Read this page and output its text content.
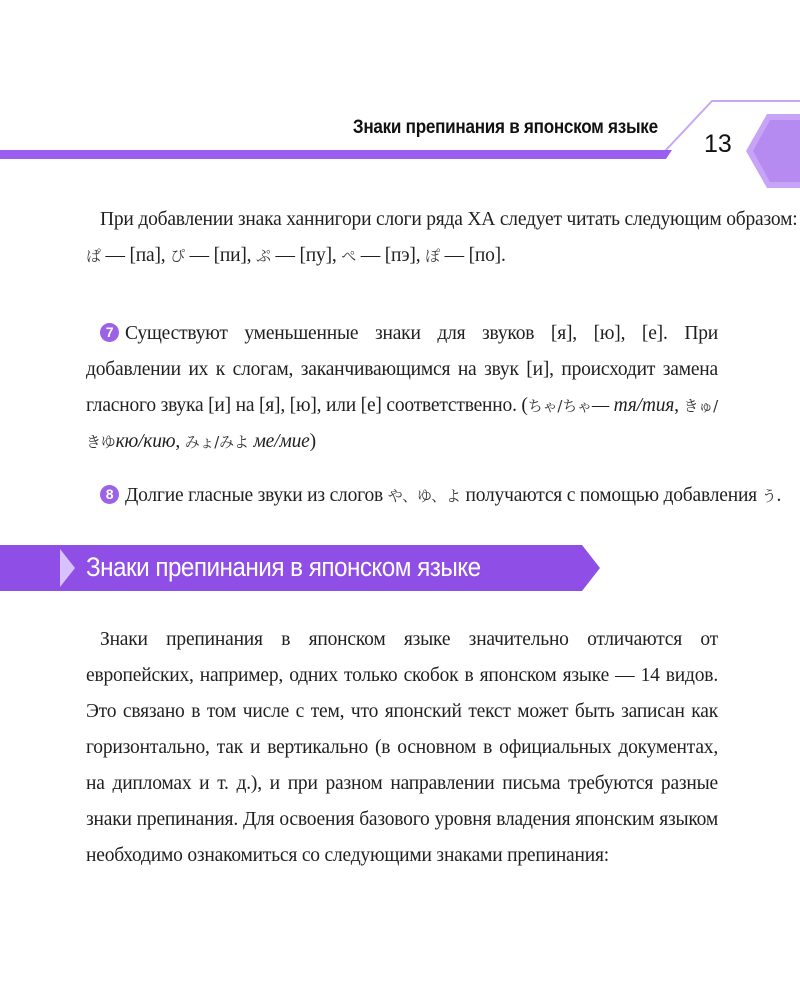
Знаки препинания в японском языке
13

При добавлении знака ханнигори слоги ряда ХА следует читать следующим образом:

ぱ — [па], ぴ — [пи], ぷ — [пу], ぺ — [пэ], ぽ — [по].

7 Существуют уменьшенные знаки для звуков [я], [ю], [е]. При добавлении их к слогам, заканчивающимся на звук [и], происходит замена гласного звука [и] на [я], [ю], или [е] соответственно. (ちゃ/ちゃ— тя/тия, きゅ/きゆкю/кию, みょ/みよ ме/мие)
8 Долгие гласные звуки из слогов や、ゆ、よ получаются с помощью добавления う.
Знаки препинания в японском языке

Знаки препинания в японском языке значительно отличаются от европейских, например, одних только скобок в японском языке — 14 видов. Это связано в том числе с тем, что японский текст может быть записан как горизонтально, так и вертикально (в основном в официальных документах, на дипломах и т. д.), и при разном направлении письма требуются разные знаки препинания. Для освоения базового уровня владения японским языком необходимо ознакомиться со следующими знаками препинания:
